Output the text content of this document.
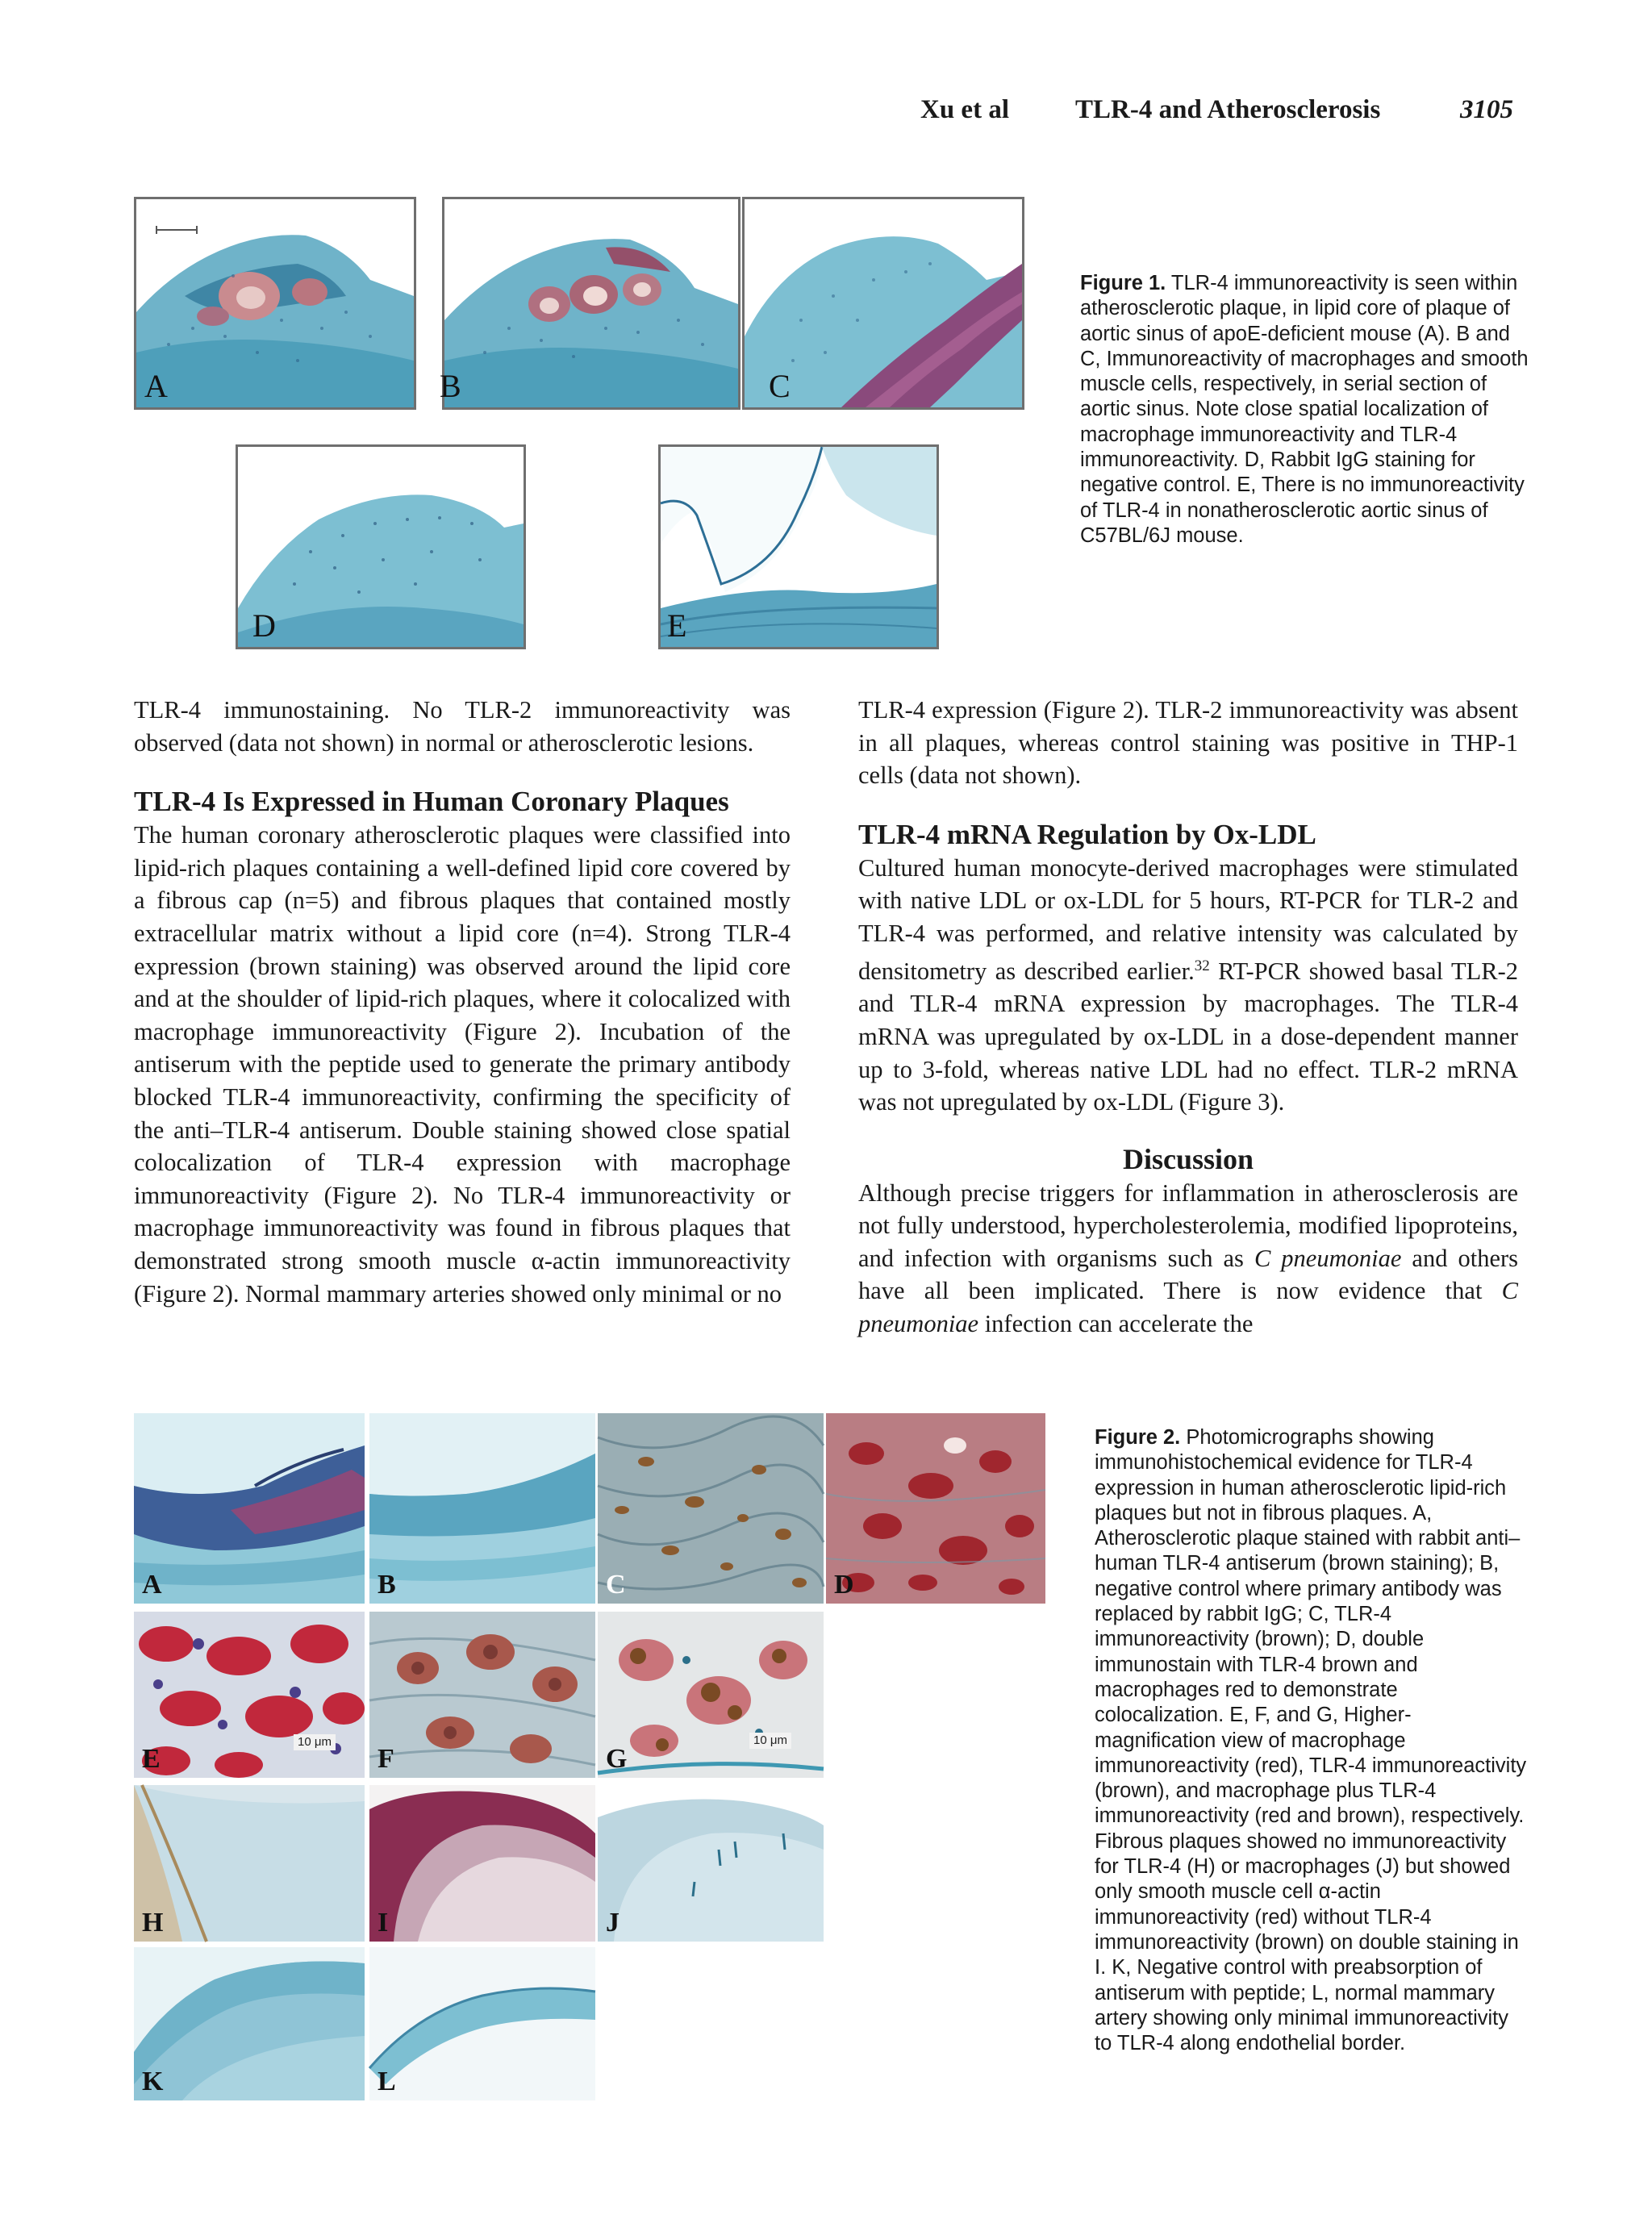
Xu et al TLR-4 and Atherosclerosis	3105
A	B	C
D	E

Figure 1. TLR-4 immunoreactivity is seen within atherosclerotic plaque, in lipid core of plaque of aortic sinus of apoE-deficient mouse (A). B and C, Immunoreactivity of macrophages and smooth muscle cells, respectively, in serial section of aortic sinus. Note close spatial localization of macrophage immunoreactivity and TLR-4 immunoreactivity. D, Rabbit IgG staining for negative control. E, There is no immunoreactivity of TLR-4 in nonatherosclerotic aortic sinus of C57BL/6J mouse.

TLR-4 immunostaining. No TLR-2 immunoreactivity was observed (data not shown) in normal or atherosclerotic lesions.

TLR-4 Is Expressed in Human Coronary Plaques

The human coronary atherosclerotic plaques were classified into lipid-rich plaques containing a well-defined lipid core covered by a fibrous cap (n=5) and fibrous plaques that contained mostly extracellular matrix without a lipid core (n=4). Strong TLR-4 expression (brown staining) was observed around the lipid core and at the shoulder of lipid-rich plaques, where it colocalized with macrophage immunoreactivity (Figure 2). Incubation of the antiserum with the peptide used to generate the primary antibody blocked TLR-4 immunoreactivity, confirming the specificity of the anti–TLR-4 antiserum. Double staining showed close spatial colocalization of TLR-4 expression with macrophage immunoreactivity (Figure 2). No TLR-4 immunoreactivity or macrophage immunoreactivity was found in fibrous plaques that demonstrated strong smooth muscle α-actin immunoreactivity (Figure 2). Normal mammary arteries showed only minimal or no

TLR-4 expression (Figure 2). TLR-2 immunoreactivity was absent in all plaques, whereas control staining was positive in THP-1 cells (data not shown).

TLR-4 mRNA Regulation by Ox-LDL

Cultured human monocyte-derived macrophages were stimulated with native LDL or ox-LDL for 5 hours, RT-PCR for TLR-2 and TLR-4 was performed, and relative intensity was calculated by densitometry as described earlier.$^{32}$ RT-PCR showed basal TLR-2 and TLR-4 mRNA expression by macrophages. The TLR-4 mRNA was upregulated by ox-LDL in a dose-dependent manner up to 3-fold, whereas native LDL had no effect. TLR-2 mRNA was not upregulated by ox-LDL (Figure 3).

Discussion

Although precise triggers for inflammation in atherosclerosis are not fully understood, hypercholesterolemia, modified lipoproteins, and infection with organisms such as C pneumoniae and others have all been implicated. There is now evidence that C pneumoniae infection can accelerate the

A	B	C	D
10 μm
E	F
10 μm
G
H	I	J
K	L

Figure 2. Photomicrographs showing immunohistochemical evidence for TLR-4 expression in human atherosclerotic lipid-rich plaques but not in fibrous plaques. A, Atherosclerotic plaque stained with rabbit anti–human TLR-4 antiserum (brown staining); B, negative control where primary antibody was replaced by rabbit IgG; C, TLR-4 immunoreactivity (brown); D, double immunostain with TLR-4 brown and macrophages red to demonstrate colocalization. E, F, and G, Higher-magnification view of macrophage immunoreactivity (red), TLR-4 immunoreactivity (brown), and macrophage plus TLR-4 immunoreactivity (red and brown), respectively. Fibrous plaques showed no immunoreactivity for TLR-4 (H) or macrophages (J) but showed only smooth muscle cell α-actin immunoreactivity (red) without TLR-4 immunoreactivity (brown) on double staining in I. K, Negative control with preabsorption of antiserum with peptide; L, normal mammary artery showing only minimal immunoreactivity to TLR-4 along endothelial border.
